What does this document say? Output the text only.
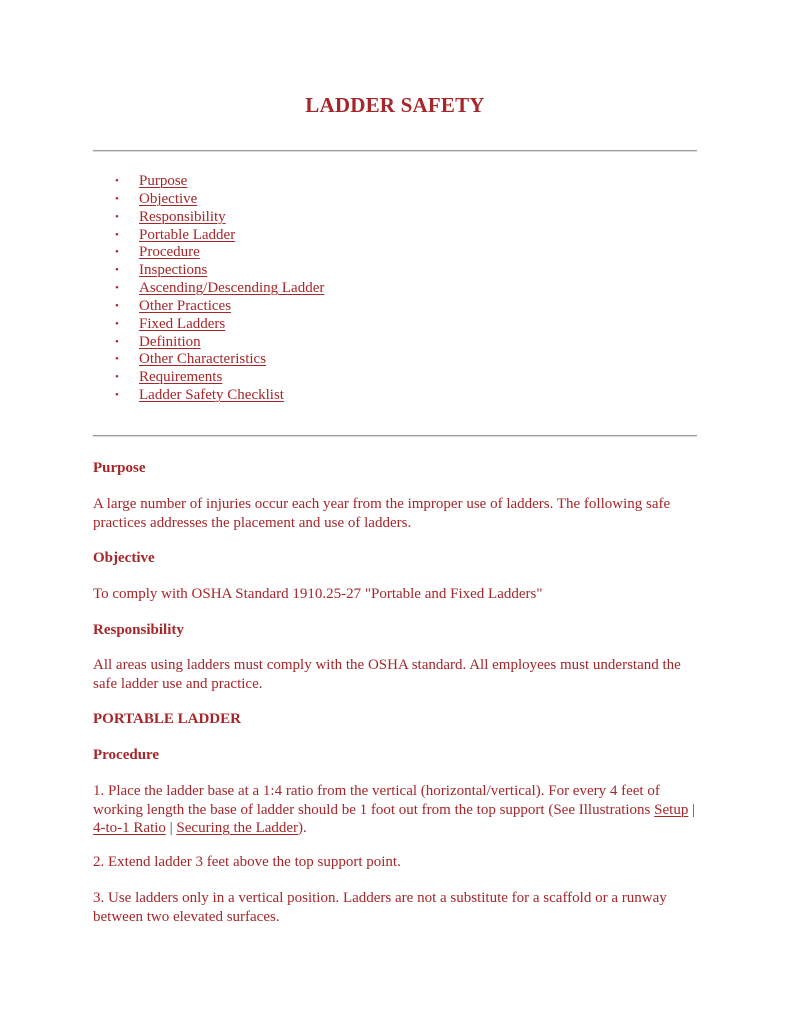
LADDER SAFETY
• Purpose
• Objective
• Responsibility
• Portable Ladder
• Procedure
• Inspections
• Ascending/Descending Ladder
• Other Practices
• Fixed Ladders
• Definition
• Other Characteristics
• Requirements
• Ladder Safety Checklist
Purpose

A large number of injuries occur each year from the improper use of ladders. The following safe practices addresses the placement and use of ladders.

Objective

To comply with OSHA Standard 1910.25-27 "Portable and Fixed Ladders"

Responsibility

All areas using ladders must comply with the OSHA standard. All employees must understand the safe ladder use and practice.

PORTABLE LADDER
Procedure

1. Place the ladder base at a 1:4 ratio from the vertical (horizontal/vertical). For every 4 feet of working length the base of ladder should be 1 foot out from the top support (See Illustrations Setup | 4-to-1 Ratio | Securing the Ladder).

2. Extend ladder 3 feet above the top support point.

3. Use ladders only in a vertical position. Ladders are not a substitute for a scaffold or a runway between two elevated surfaces.
